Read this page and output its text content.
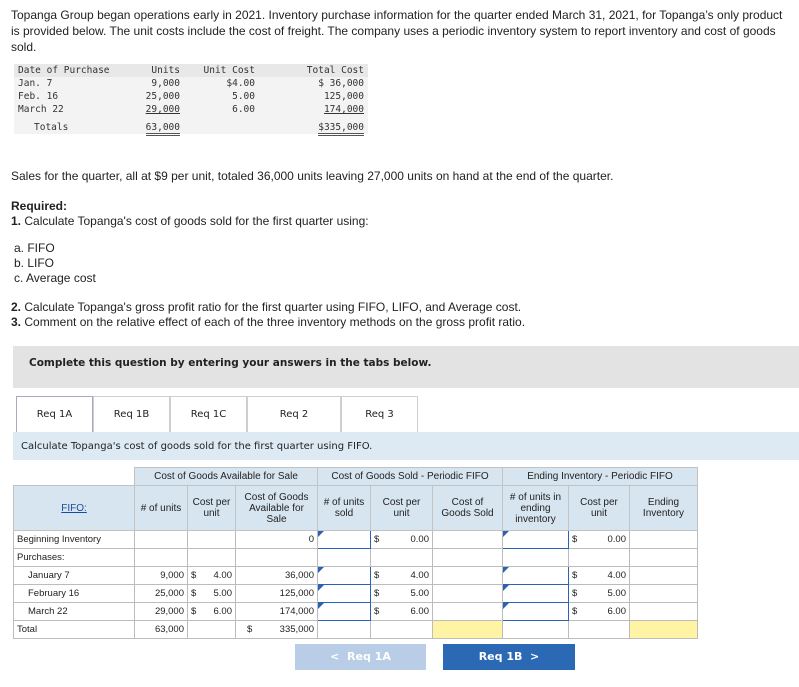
Topanga Group began operations early in 2021. Inventory purchase information for the quarter ended March 31, 2021, for Topanga’s only product is provided below. The unit costs include the cost of freight. The company uses a periodic inventory system to report inventory and cost of goods sold.
Date of Purchase	Units	Unit Cost	Total Cost
Jan. 7	9,000	$4.00	$ 36,000
Feb. 16	25,000	5.00	125,000
March 22	29,000	6.00	174,000
Totals	63,000		$335,000
Sales for the quarter, all at $9 per unit, totaled 36,000 units leaving 27,000 units on hand at the end of the quarter.
Required:
1. Calculate Topanga's cost of goods sold for the first quarter using:
a. FIFO
b. LIFO
c. Average cost
2. Calculate Topanga's gross profit ratio for the first quarter using FIFO, LIFO, and Average cost.
3. Comment on the relative effect of each of the three inventory methods on the gross profit ratio.
Complete this question by entering your answers in the tabs below.
Req 1A	Req 1B	Req 1C	Req 2	Req 3
Calculate Topanga's cost of goods sold for the first quarter using FIFO.
	Cost of Goods Available for Sale			Cost of Goods Sold - Periodic FIFO			Ending Inventory - Periodic FIFO		
FIFO:	# of units	Cost per unit	Cost of Goods Available for Sale	# of units sold	Cost per unit	Cost of Goods Sold	# of units in ending inventory	Cost per unit	Ending Inventory
Beginning Inventory			0		$ 0.00			$ 0.00	

Purchases:									
January 7	9,000	$ 4.00	36,000		$ 4.00			$ 4.00	

February 16	25,000	$ 5.00	125,000		$ 5.00			$ 5.00	

March 22	29,000	$ 6.00	174,000		$ 6.00			$ 6.00	

Total	63,000		$ 335,000						

<  Req 1A	Req 1B  >
